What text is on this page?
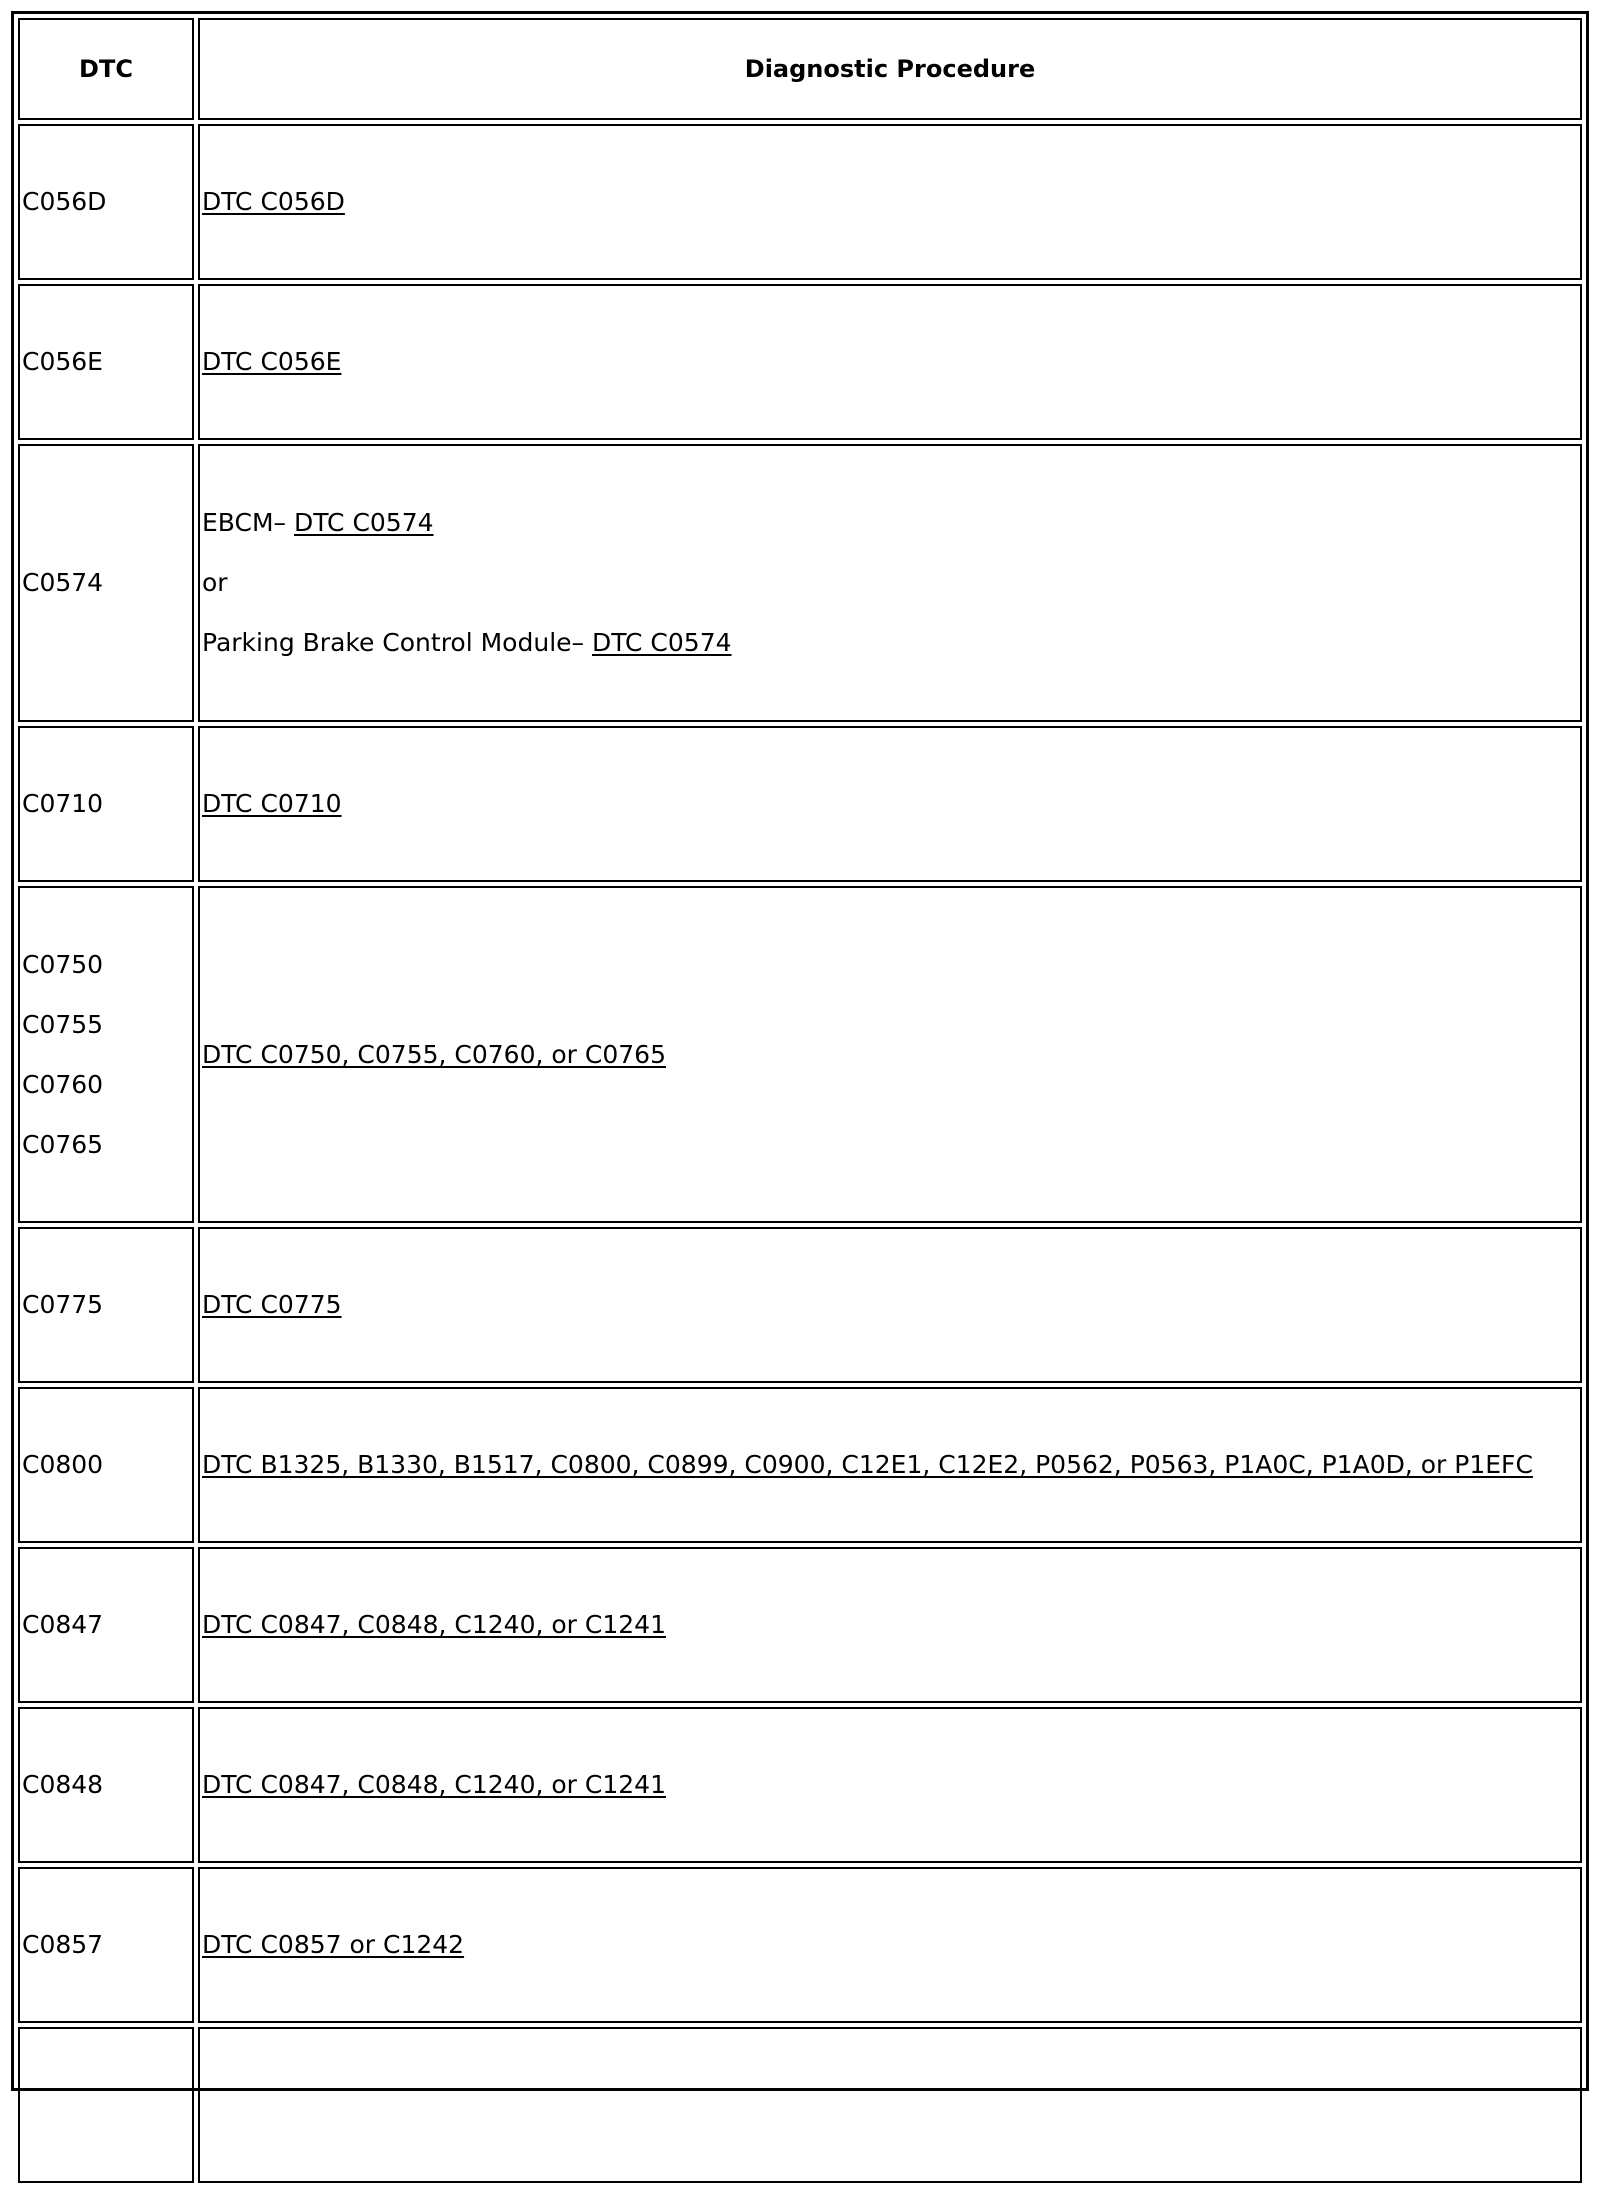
DTC	Diagnostic Procedure

C056D	DTC C056D

C056E	DTC C056E

C0574	EBCM– DTC C0574
or
Parking Brake Control Module– DTC C0574

C0710	DTC C0710

C0750
C0755
C0760
C0765	DTC C0750, C0755, C0760, or C0765

C0775	DTC C0775

C0800	DTC B1325, B1330, B1517, C0800, C0899, C0900, C12E1, C12E2, P0562, P0563, P1A0C, P1A0D, or P1EFC

C0847	DTC C0847, C0848, C1240, or C1241

C0848	DTC C0847, C0848, C1240, or C1241

C0857	DTC C0857 or C1242
